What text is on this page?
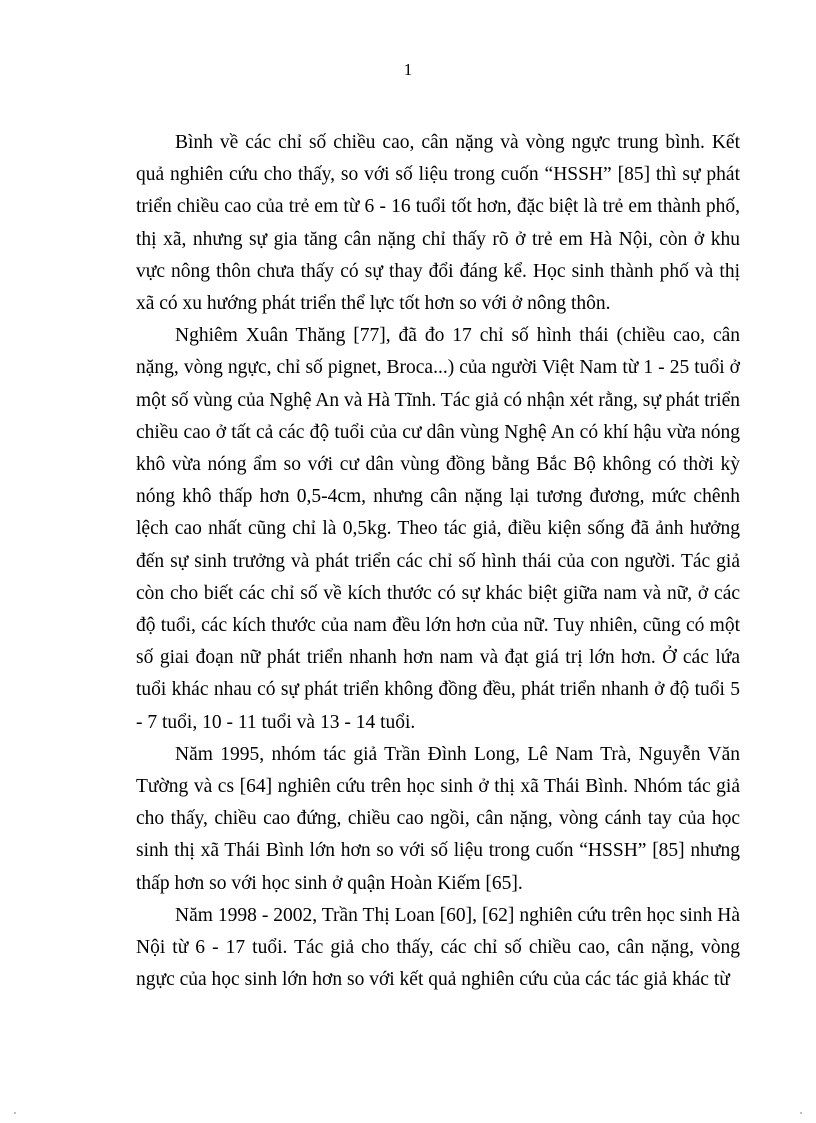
1

Bình về các chỉ số chiều cao, cân nặng và vòng ngực trung bình. Kết quả nghiên cứu cho thấy, so với số liệu trong cuốn “HSSH” [85] thì sự phát triển chiều cao của trẻ em từ 6 - 16 tuổi tốt hơn, đặc biệt là trẻ em thành phố, thị xã, nhưng sự gia tăng cân nặng chỉ thấy rõ ở trẻ em Hà Nội, còn ở khu vực nông thôn chưa thấy có sự thay đổi đáng kể. Học sinh thành phố và thị xã có xu hướng phát triển thể lực tốt hơn so với ở nông thôn.

Nghiêm Xuân Thăng [77], đã đo 17 chỉ số hình thái (chiều cao, cân nặng, vòng ngực, chỉ số pignet, Broca...) của người Việt Nam từ 1 - 25 tuổi ở một số vùng của Nghệ An và Hà Tĩnh. Tác giả có nhận xét rằng, sự phát triển chiều cao ở tất cả các độ tuổi của cư dân vùng Nghệ An có khí hậu vừa nóng khô vừa nóng ẩm so với cư dân vùng đồng bằng Bắc Bộ không có thời kỳ nóng khô thấp hơn 0,5-4cm, nhưng cân nặng lại tương đương, mức chênh lệch cao nhất cũng chỉ là 0,5kg. Theo tác giả, điều kiện sống đã ảnh hưởng đến sự sinh trưởng và phát triển các chỉ số hình thái của con người. Tác giả còn cho biết các chỉ số về kích thước có sự khác biệt giữa nam và nữ, ở các độ tuổi, các kích thước của nam đều lớn hơn của nữ. Tuy nhiên, cũng có một số giai đoạn nữ phát triển nhanh hơn nam và đạt giá trị lớn hơn. Ở các lứa tuổi khác nhau có sự phát triển không đồng đều, phát triển nhanh ở độ tuổi 5 - 7 tuổi, 10 - 11 tuổi và 13 - 14 tuổi.

Năm 1995, nhóm tác giả Trần Đình Long, Lê Nam Trà, Nguyễn Văn Tường và cs [64] nghiên cứu trên học sinh ở thị xã Thái Bình. Nhóm tác giả cho thấy, chiều cao đứng, chiều cao ngồi, cân nặng, vòng cánh tay của học sinh thị xã Thái Bình lớn hơn so với số liệu trong cuốn “HSSH” [85] nhưng thấp hơn so với học sinh ở quận Hoàn Kiếm [65].

Năm 1998 - 2002, Trần Thị Loan [60], [62] nghiên cứu trên học sinh Hà Nội từ 6 - 17 tuổi. Tác giả cho thấy, các chỉ số chiều cao, cân nặng, vòng ngực của học sinh lớn hơn so với kết quả nghiên cứu của các tác giả khác từ
